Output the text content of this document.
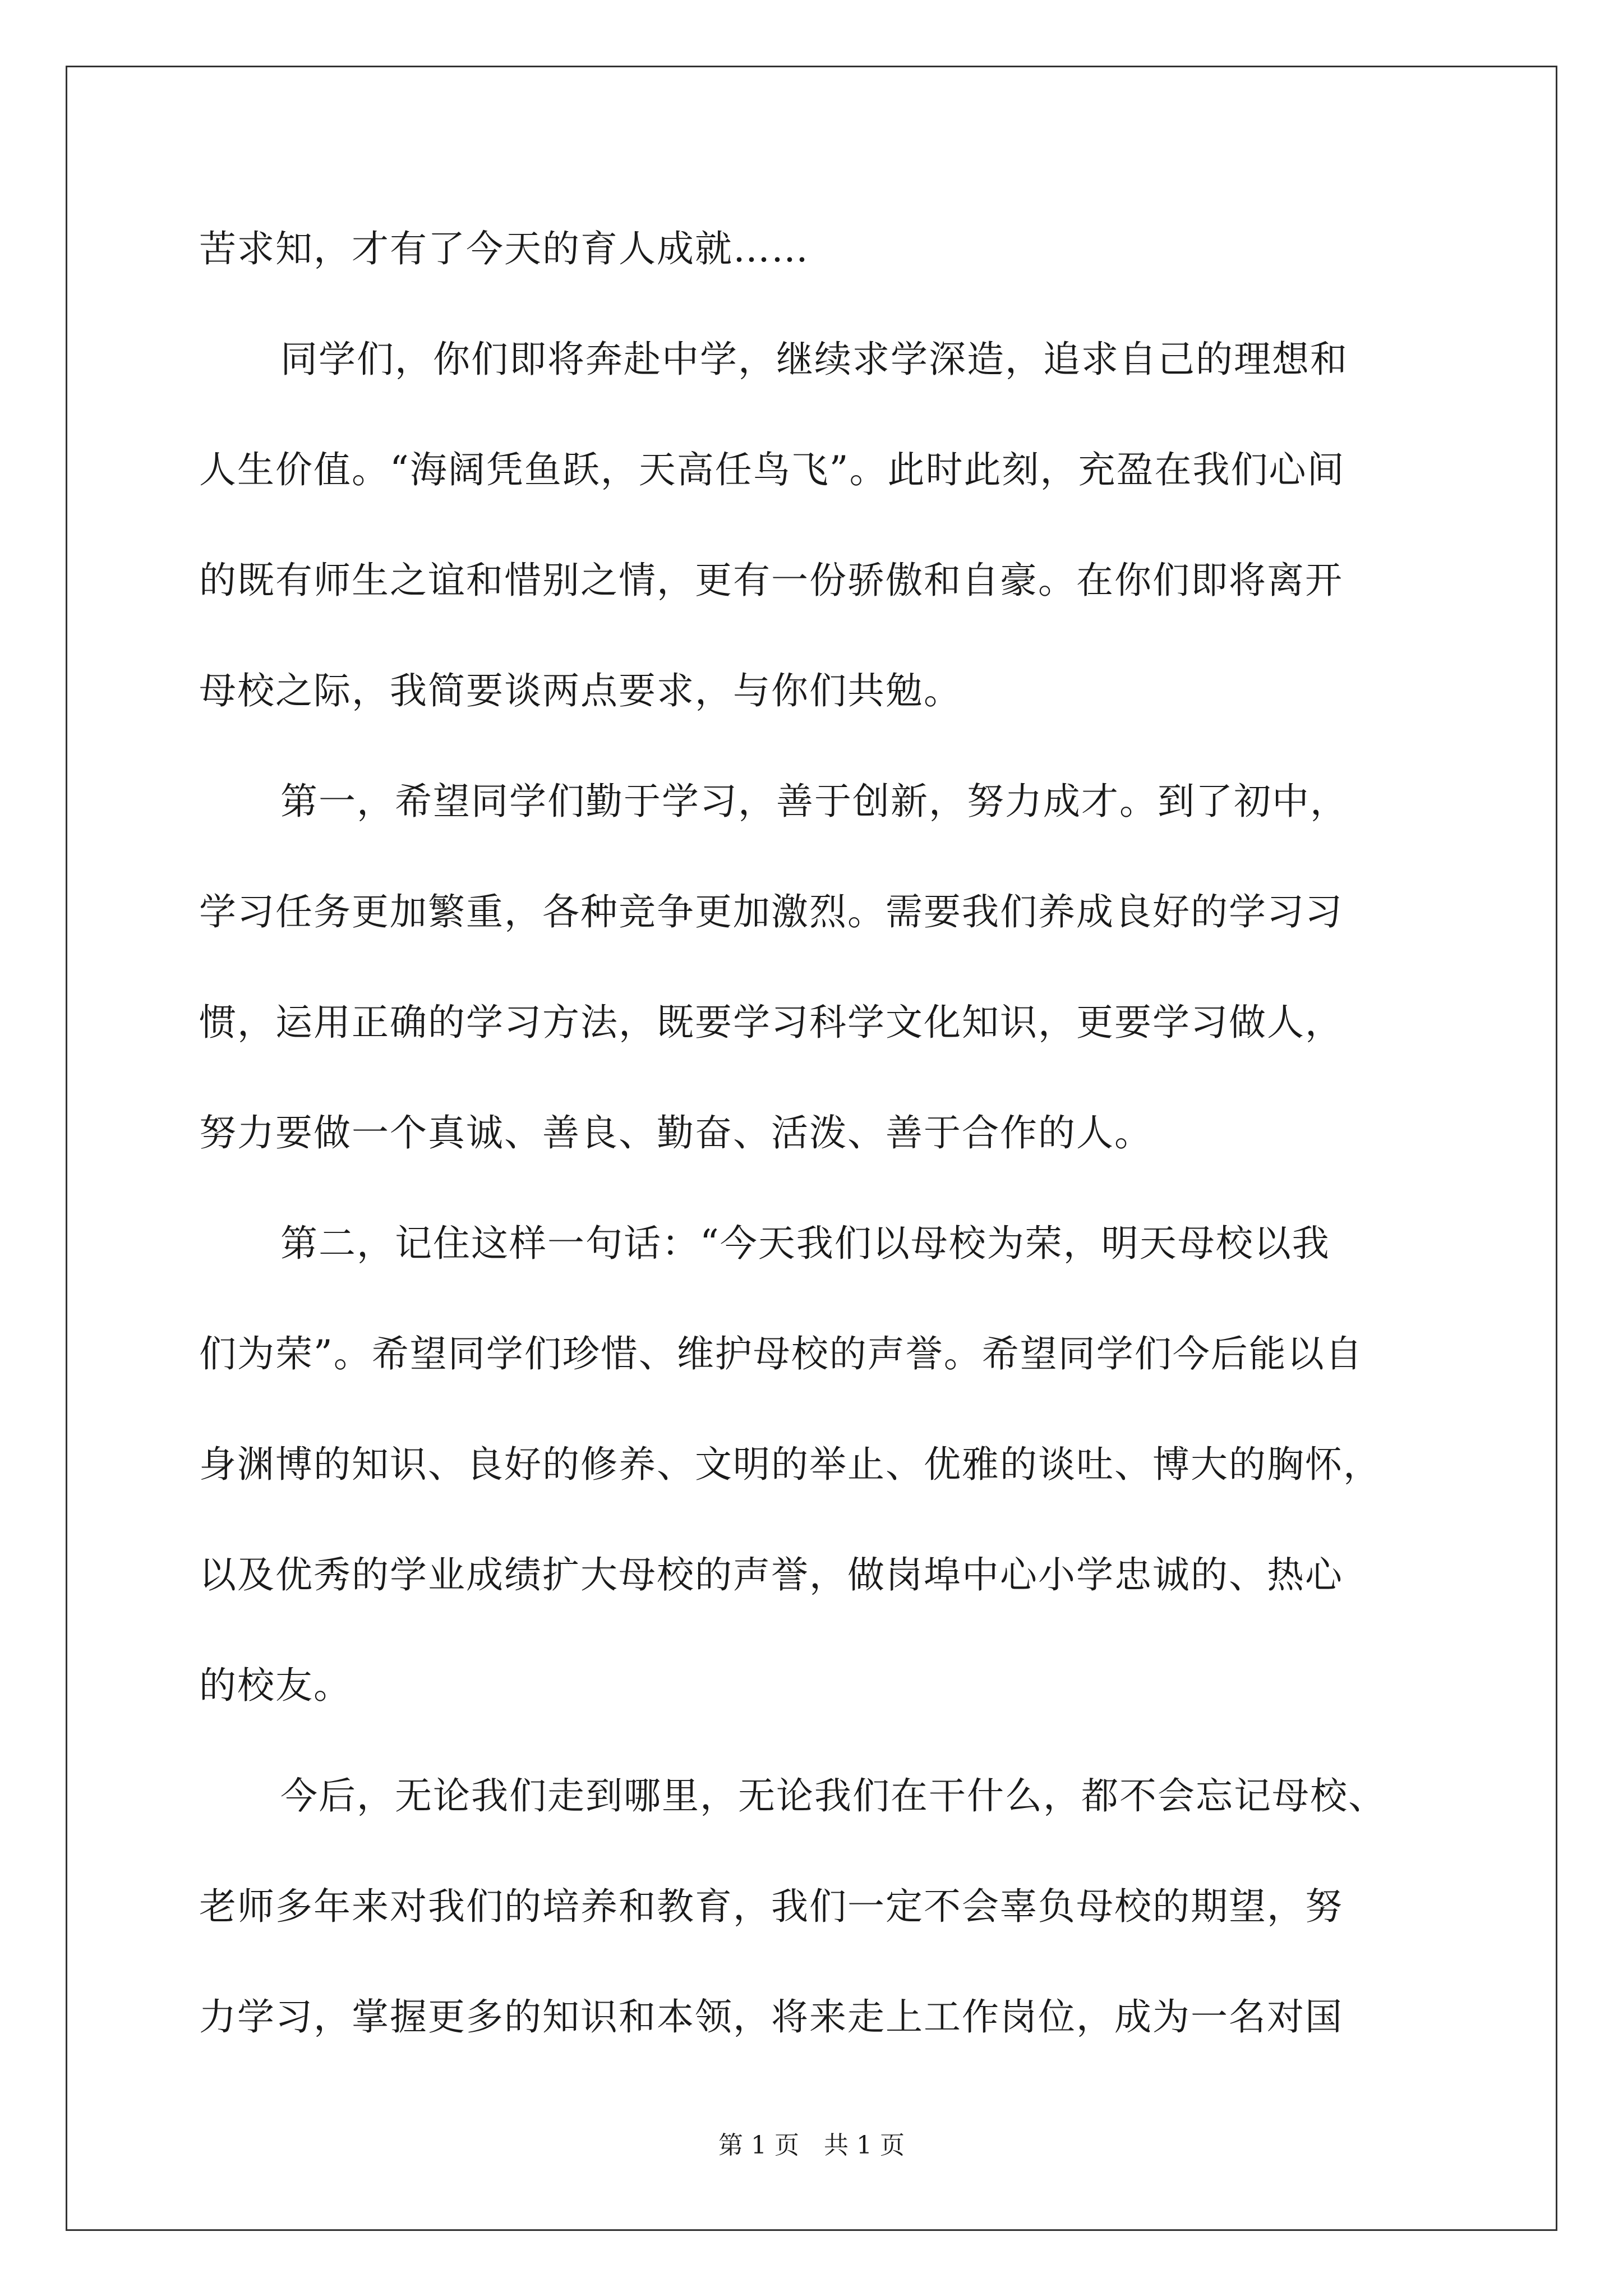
苦求知，才有了今天的育人成就……
同学们，你们即将奔赴中学，继续求学深造，追求自己的理想和
人生价值。“海阔凭鱼跃，天高任鸟飞”。此时此刻，充盈在我们心间
的既有师生之谊和惜别之情，更有一份骄傲和自豪。在你们即将离开
母校之际，我简要谈两点要求，与你们共勉。
第一，希望同学们勤于学习，善于创新，努力成才。到了初中，
学习任务更加繁重，各种竞争更加激烈。需要我们养成良好的学习习
惯，运用正确的学习方法，既要学习科学文化知识，更要学习做人，
努力要做一个真诚、善良、勤奋、活泼、善于合作的人。
第二，记住这样一句话：“今天我们以母校为荣，明天母校以我
们为荣”。希望同学们珍惜、维护母校的声誉。希望同学们今后能以自
身渊博的知识、良好的修养、文明的举止、优雅的谈吐、博大的胸怀，
以及优秀的学业成绩扩大母校的声誉，做岗埠中心小学忠诚的、热心
的校友。
今后，无论我们走到哪里，无论我们在干什么，都不会忘记母校、
老师多年来对我们的培养和教育，我们一定不会辜负母校的期望，努
力学习，掌握更多的知识和本领，将来走上工作岗位，成为一名对国
第 1 页　共 1 页
